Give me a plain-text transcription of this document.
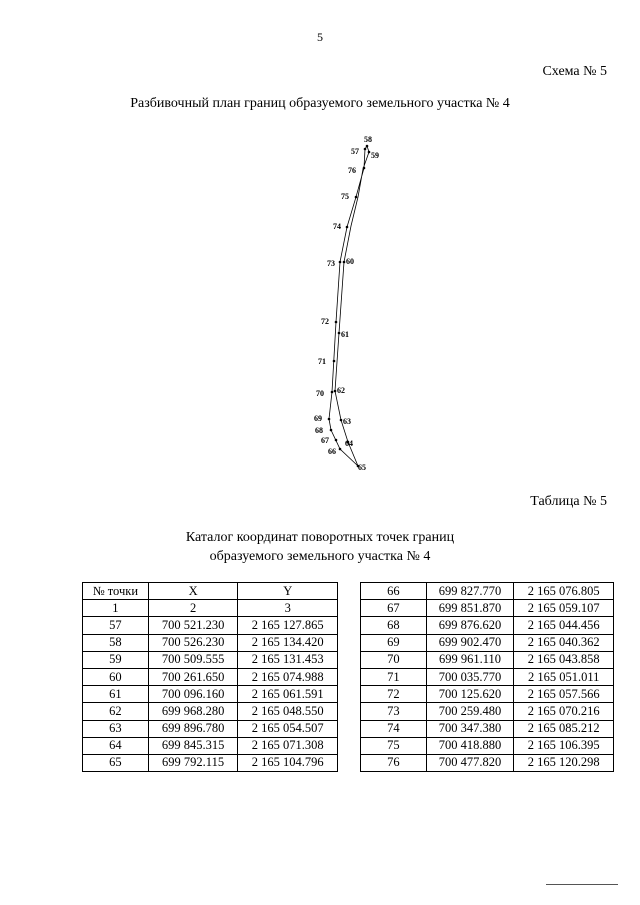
5
Схема № 5
Разбивочный план границ образуемого земельного участка № 4
58
57 59
76
75
74
73 60
72
61
71
70 62
69	63
68
67 64
66
65
Таблица № 5
Каталог координат поворотных точек границ
образуемого земельного участка № 4
№ точки	X	Y
1	2	3
57	700 521.230	2 165 127.865
58	700 526.230	2 165 134.420
59	700 509.555	2 165 131.453
60	700 261.650	2 165 074.988
61	700 096.160	2 165 061.591
62	699 968.280	2 165 048.550
63	699 896.780	2 165 054.507
64	699 845.315	2 165 071.308
65	699 792.115	2 165 104.796
66	699 827.770	2 165 076.805
67	699 851.870	2 165 059.107
68	699 876.620	2 165 044.456
69	699 902.470	2 165 040.362
70	699 961.110	2 165 043.858
71	700 035.770	2 165 051.011
72	700 125.620	2 165 057.566
73	700 259.480	2 165 070.216
74	700 347.380	2 165 085.212
75	700 418.880	2 165 106.395
76	700 477.820	2 165 120.298
